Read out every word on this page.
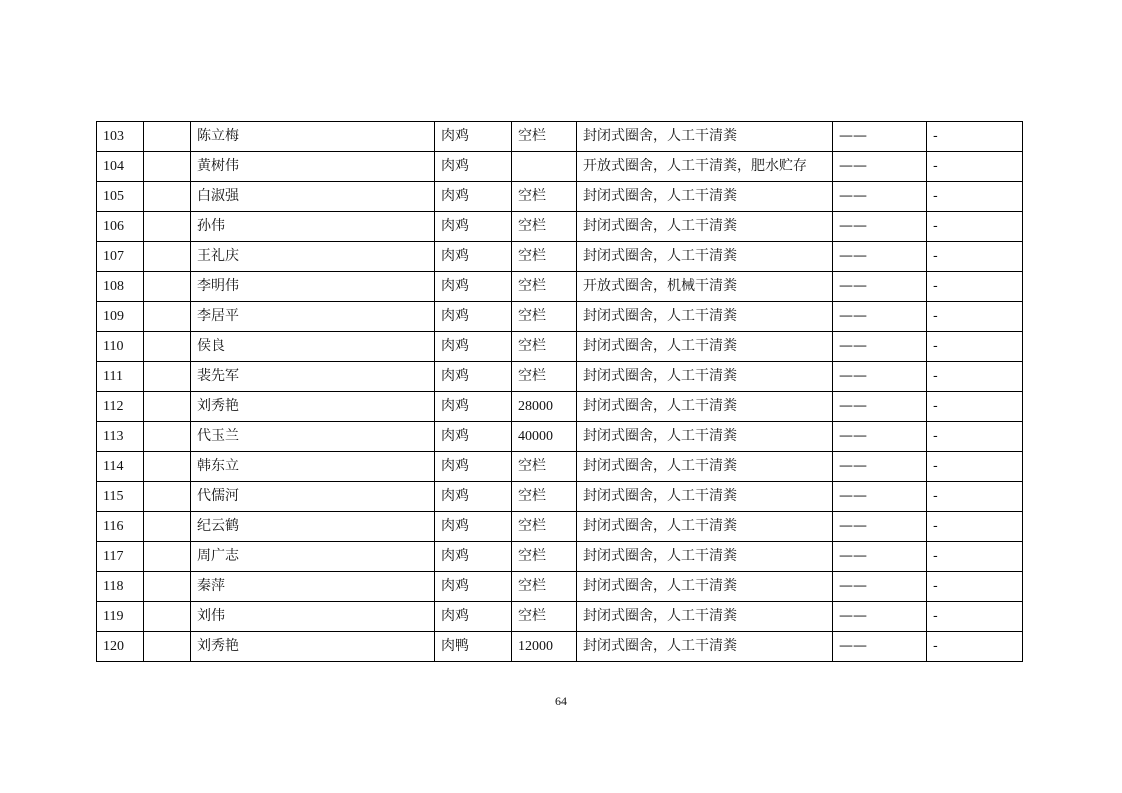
103		陈立梅	肉鸡	空栏	封闭式圈舍，人工干清粪	——	-
104		黄树伟	肉鸡		开放式圈舍，人工干清粪，肥水贮存	——	-
105		白淑强	肉鸡	空栏	封闭式圈舍，人工干清粪	——	-
106		孙伟	肉鸡	空栏	封闭式圈舍，人工干清粪	——	-
107		王礼庆	肉鸡	空栏	封闭式圈舍，人工干清粪	——	-
108		李明伟	肉鸡	空栏	开放式圈舍，机械干清粪	——	-
109		李居平	肉鸡	空栏	封闭式圈舍，人工干清粪	——	-
110		侯良	肉鸡	空栏	封闭式圈舍，人工干清粪	——	-
111		裴先军	肉鸡	空栏	封闭式圈舍，人工干清粪	——	-
112		刘秀艳	肉鸡	28000	封闭式圈舍，人工干清粪	——	-
113		代玉兰	肉鸡	40000	封闭式圈舍，人工干清粪	——	-
114		韩东立	肉鸡	空栏	封闭式圈舍，人工干清粪	——	-
115		代儒河	肉鸡	空栏	封闭式圈舍，人工干清粪	——	-
116		纪云鹤	肉鸡	空栏	封闭式圈舍，人工干清粪	——	-
117		周广志	肉鸡	空栏	封闭式圈舍，人工干清粪	——	-
118		秦萍	肉鸡	空栏	封闭式圈舍，人工干清粪	——	-
119		刘伟	肉鸡	空栏	封闭式圈舍，人工干清粪	——	-
120		刘秀艳	肉鸭	12000	封闭式圈舍，人工干清粪	——	-
64
